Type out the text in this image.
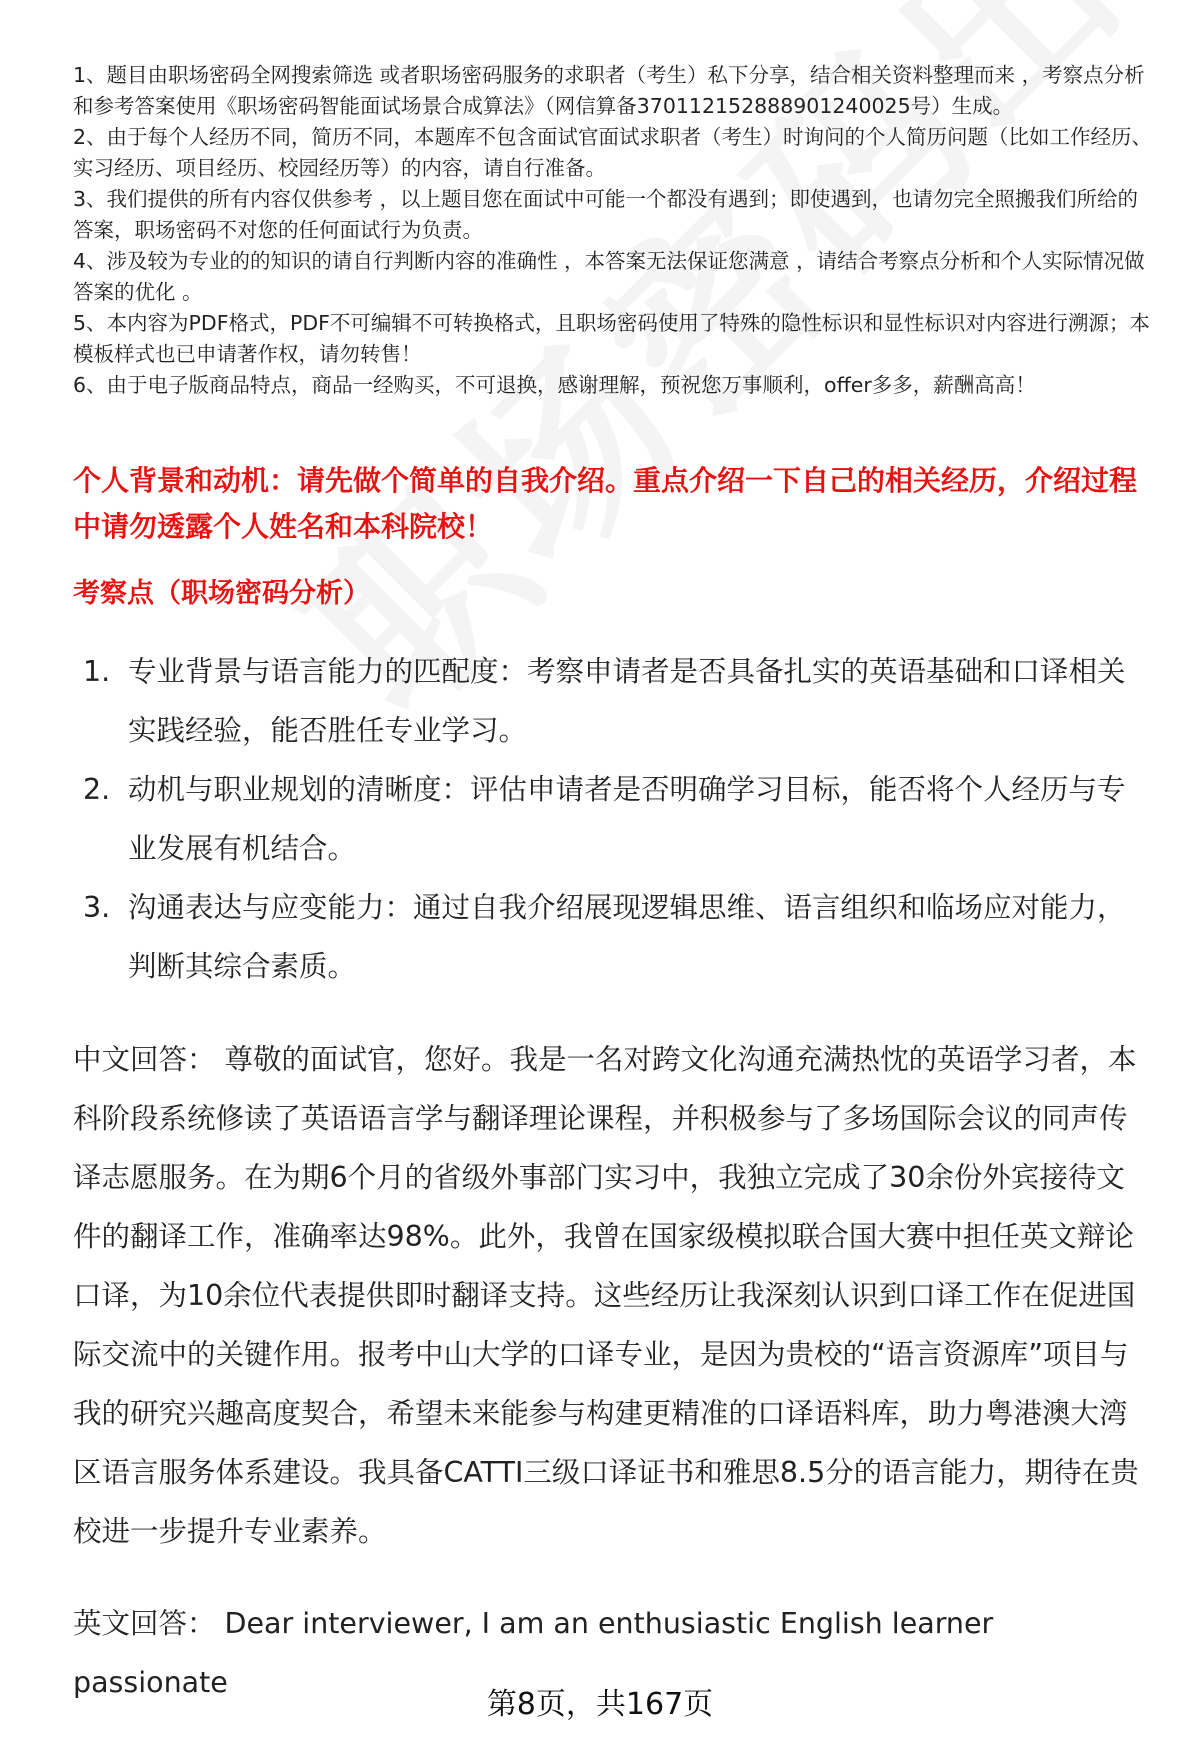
1、题目由职场密码全网搜索筛选 或者职场密码服务的求职者（考生）私下分享，结合相关资料整理而来 ，考察点分析和参考答案使用《职场密码智能面试场景合成算法》（网信算备370112152888901240025号）生成。

2、由于每个人经历不同，简历不同，本题库不包含面试官面试求职者（考生）时询问的个人简历问题（比如工作经历、实习经历、项目经历、校园经历等）的内容，请自行准备。

3、我们提供的所有内容仅供参考 ，以上题目您在面试中可能一个都没有遇到；即使遇到，也请勿完全照搬我们所给的答案，职场密码不对您的任何面试行为负责。

4、涉及较为专业的的知识的请自行判断内容的准确性 ，本答案无法保证您满意 ，请结合考察点分析和个人实际情况做答案的优化 。

5、本内容为PDF格式，PDF不可编辑不可转换格式，且职场密码使用了特殊的隐性标识和显性标识对内容进行溯源；本模板样式也已申请著作权，请勿转售！

6、由于电子版商品特点，商品一经购买，不可退换，感谢理解，预祝您万事顺利，offer多多，薪酬高高！

个人背景和动机：请先做个简单的自我介绍。重点介绍一下自己的相关经历，介绍过程中请勿透露个人姓名和本科院校！

考察点（职场密码分析）

1. 专业背景与语言能力的匹配度：考察申请者是否具备扎实的英语基础和口译相关实践经验，能否胜任专业学习。
2. 动机与职业规划的清晰度：评估申请者是否明确学习目标，能否将个人经历与专业发展有机结合。
3. 沟通表达与应变能力：通过自我介绍展现逻辑思维、语言组织和临场应对能力，判断其综合素质。

中文回答： 尊敬的面试官，您好。我是一名对跨文化沟通充满热忱的英语学习者，本科阶段系统修读了英语语言学与翻译理论课程，并积极参与了多场国际会议的同声传译志愿服务。在为期6个月的省级外事部门实习中，我独立完成了30余份外宾接待文件的翻译工作，准确率达98%。此外，我曾在国家级模拟联合国大赛中担任英文辩论口译，为10余位代表提供即时翻译支持。这些经历让我深刻认识到口译工作在促进国际交流中的关键作用。报考中山大学的口译专业，是因为贵校的“语言资源库”项目与我的研究兴趣高度契合，希望未来能参与构建更精准的口译语料库，助力粤港澳大湾区语言服务体系建设。我具备CATTI三级口译证书和雅思8.5分的语言能力，期待在贵校进一步提升专业素养。

英文回答： Dear interviewer, I am an enthusiastic English learner passionate

第8页，共167页
